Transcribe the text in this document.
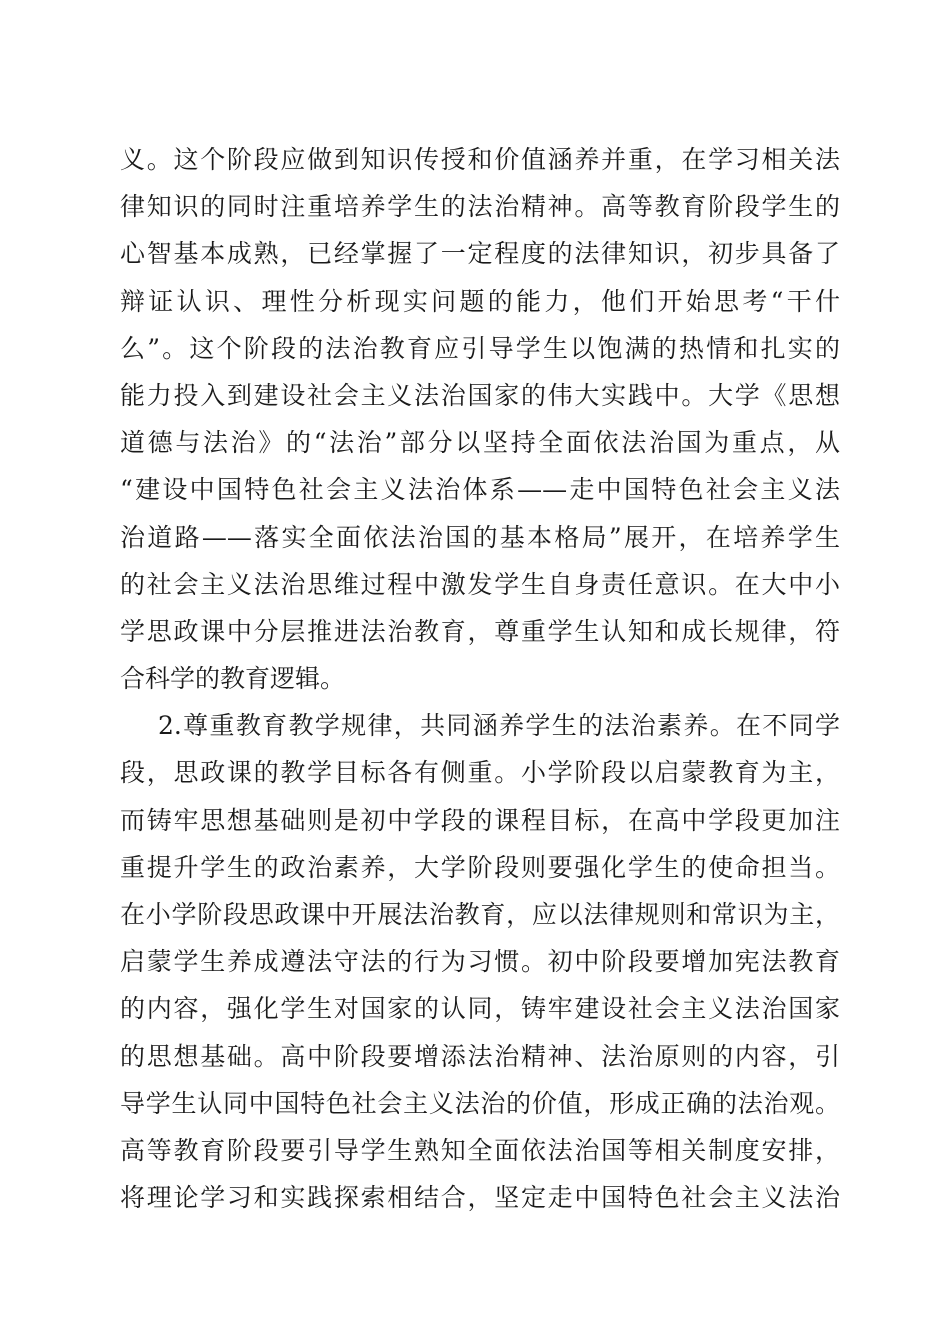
义。这个阶段应做到知识传授和价值涵养并重，在学习相关法
律知识的同时注重培养学生的法治精神。高等教育阶段学生的
心智基本成熟，已经掌握了一定程度的法律知识，初步具备了
辩证认识、理性分析现实问题的能力，他们开始思考“干什
么”。这个阶段的法治教育应引导学生以饱满的热情和扎实的
能力投入到建设社会主义法治国家的伟大实践中。大学《思想
道德与法治》的“法治”部分以坚持全面依法治国为重点，从
“建设中国特色社会主义法治体系——走中国特色社会主义法
治道路——落实全面依法治国的基本格局”展开，在培养学生
的社会主义法治思维过程中激发学生自身责任意识。在大中小
学思政课中分层推进法治教育，尊重学生认知和成长规律，符
合科学的教育逻辑。
2.尊重教育教学规律，共同涵养学生的法治素养。在不同学
段，思政课的教学目标各有侧重。小学阶段以启蒙教育为主，
而铸牢思想基础则是初中学段的课程目标，在高中学段更加注
重提升学生的政治素养，大学阶段则要强化学生的使命担当。
在小学阶段思政课中开展法治教育，应以法律规则和常识为主，
启蒙学生养成遵法守法的行为习惯。初中阶段要增加宪法教育
的内容，强化学生对国家的认同，铸牢建设社会主义法治国家
的思想基础。高中阶段要增添法治精神、法治原则的内容，引
导学生认同中国特色社会主义法治的价值，形成正确的法治观。
高等教育阶段要引导学生熟知全面依法治国等相关制度安排，
将理论学习和实践探索相结合，坚定走中国特色社会主义法治
